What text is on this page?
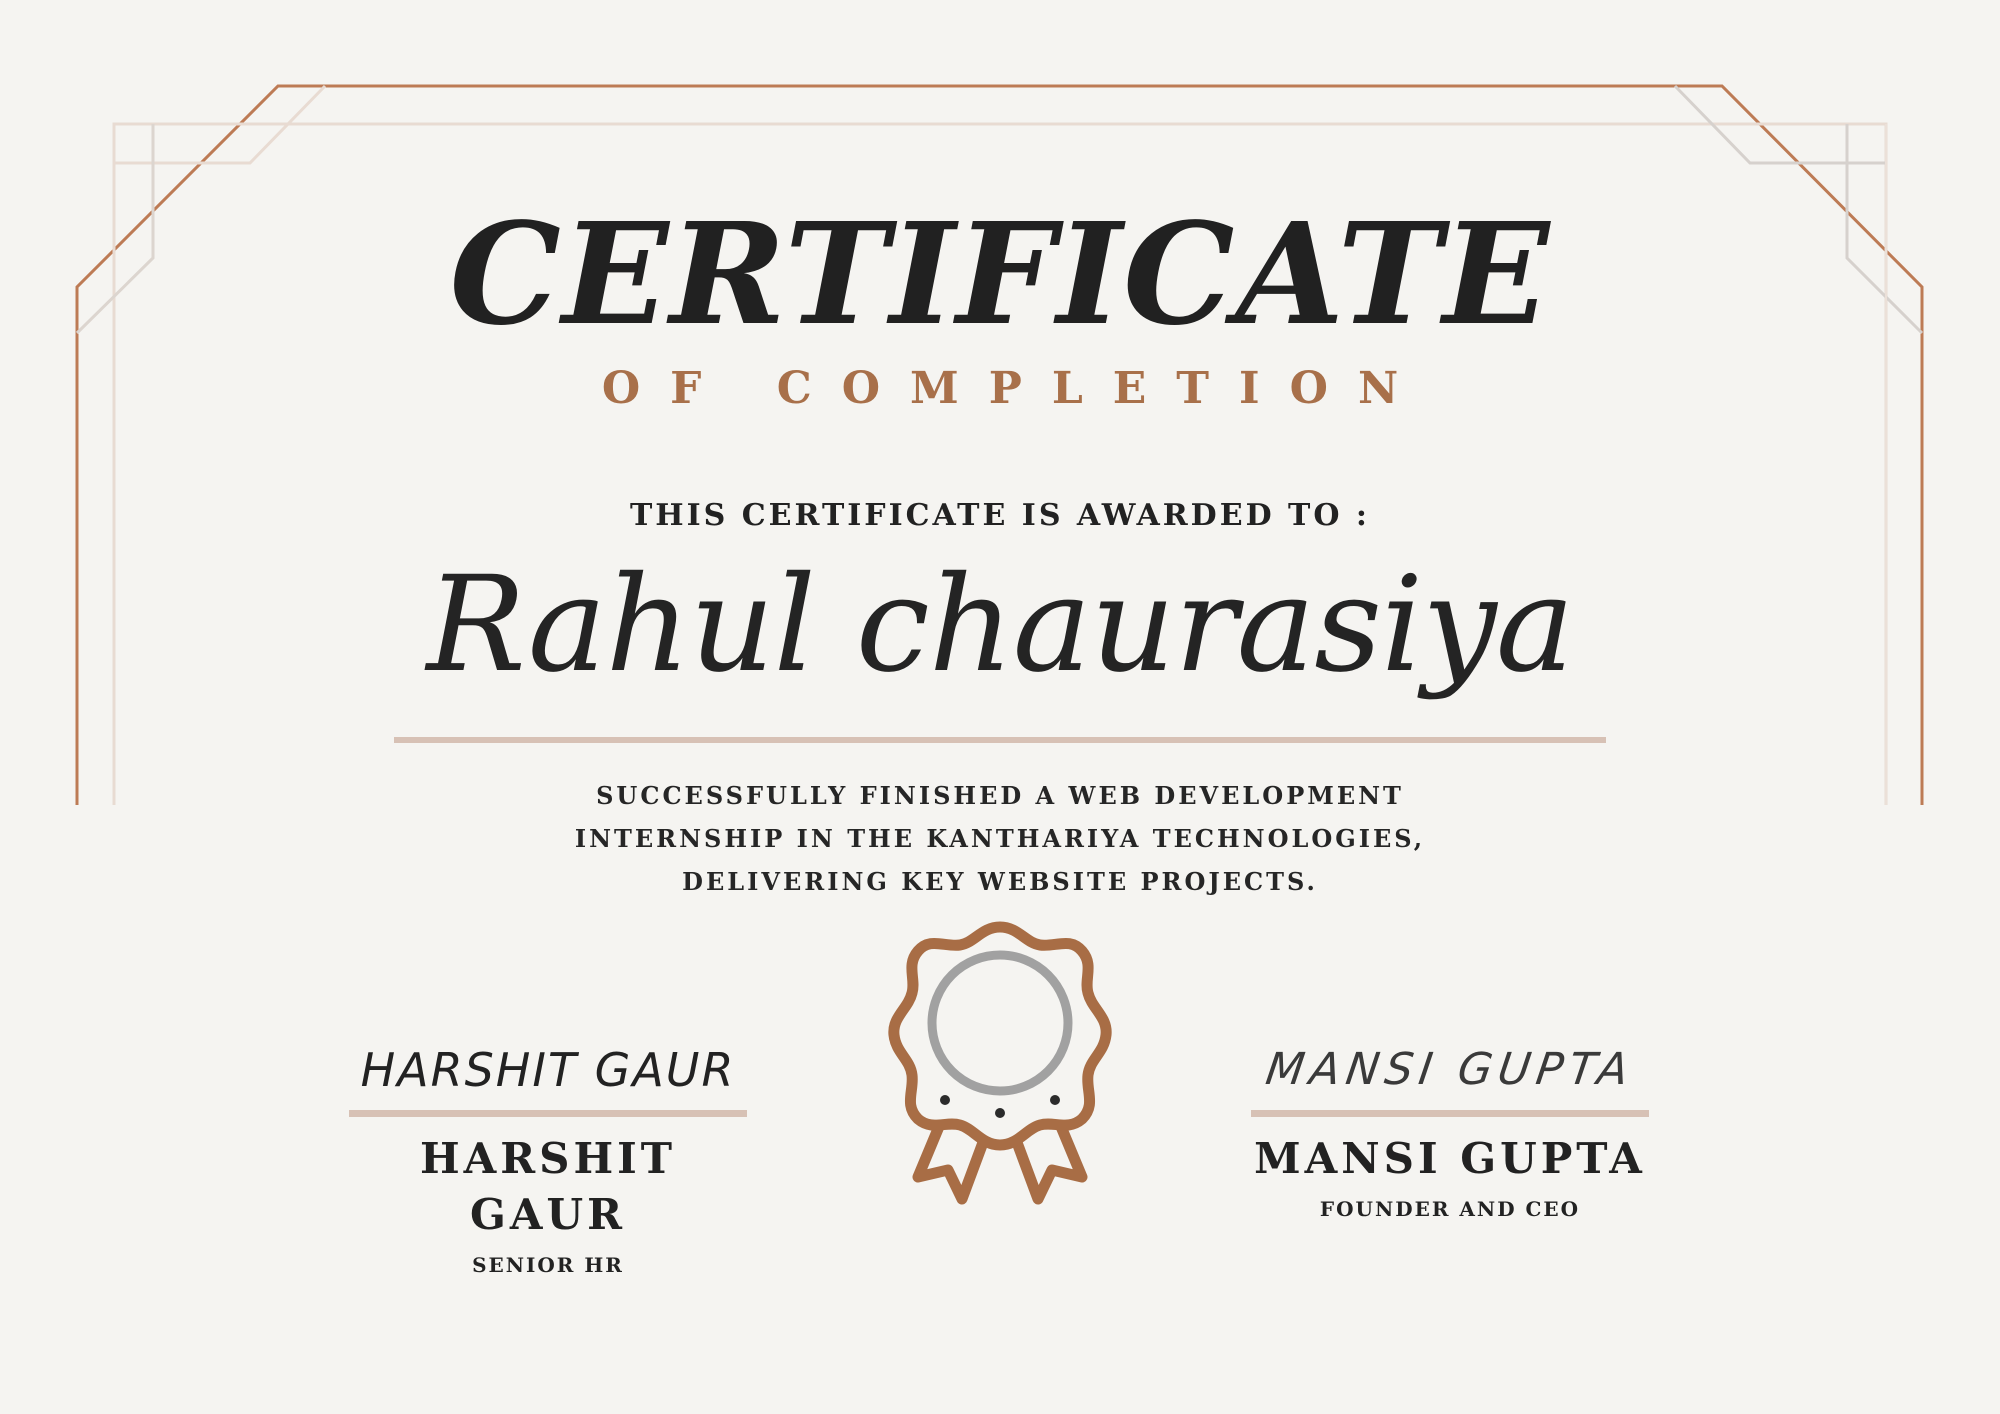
CERTIFICATE
OF COMPLETION
THIS CERTIFICATE IS AWARDED TO :
Rahul chaurasiya
SUCCESSFULLY FINISHED A WEB DEVELOPMENT
INTERNSHIP IN THE KANTHARIYA TECHNOLOGIES,
DELIVERING KEY WEBSITE PROJECTS.
HARSHIT GAUR
HARSHIT GAUR
SENIOR HR
MANSI GUPTA
MANSI GUPTA
FOUNDER AND CEO
